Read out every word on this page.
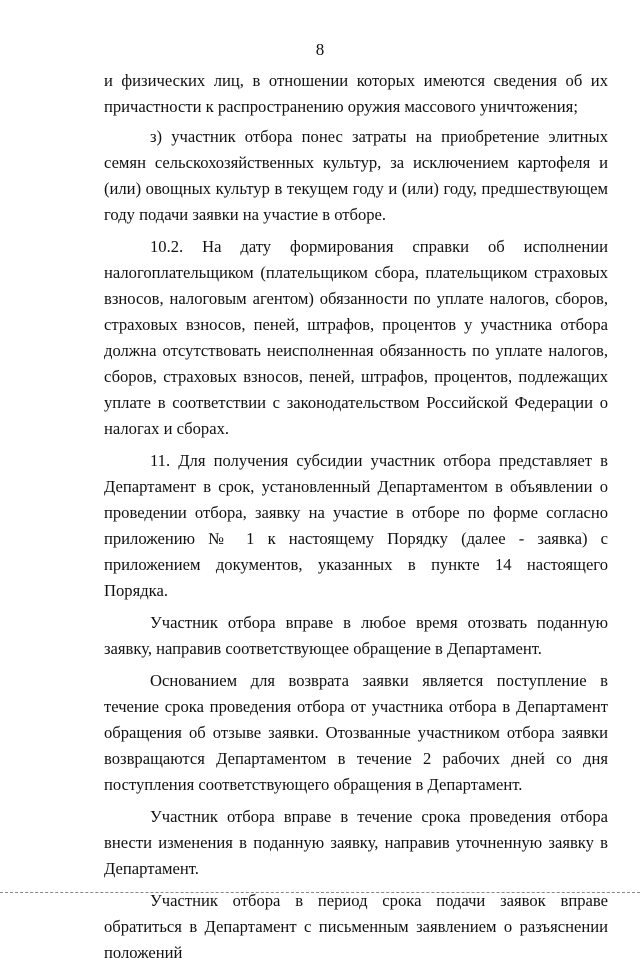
8

и физических лиц, в отношении которых имеются сведения об их причастности к распространению оружия массового уничтожения;

з) участник отбора понес затраты на приобретение элитных семян сельскохозяйственных культур, за исключением картофеля и (или) овощных культур в текущем году и (или) году, предшествующем году подачи заявки на участие в отборе.

10.2. На дату формирования справки об исполнении налогоплательщиком (плательщиком сбора, плательщиком страховых взносов, налоговым агентом) обязанности по уплате налогов, сборов, страховых взносов, пеней, штрафов, процентов у участника отбора должна отсутствовать неисполненная обязанность по уплате налогов, сборов, страховых взносов, пеней, штрафов, процентов, подлежащих уплате в соответствии с законодательством Российской Федерации о налогах и сборах.

11. Для получения субсидии участник отбора представляет в Департамент в срок, установленный Департаментом в объявлении о проведении отбора, заявку на участие в отборе по форме согласно приложению № 1 к настоящему Порядку (далее - заявка) с приложением документов, указанных в пункте 14 настоящего Порядка.

Участник отбора вправе в любое время отозвать поданную заявку, направив соответствующее обращение в Департамент.

Основанием для возврата заявки является поступление в течение срока проведения отбора от участника отбора в Департамент обращения об отзыве заявки. Отозванные участником отбора заявки возвращаются Департаментом в течение 2 рабочих дней со дня поступления соответствующего обращения в Департамент.

Участник отбора вправе в течение срока проведения отбора внести изменения в поданную заявку, направив уточненную заявку в Департамент.

Участник отбора в период срока подачи заявок вправе обратиться в Департамент с письменным заявлением о разъяснении положений
